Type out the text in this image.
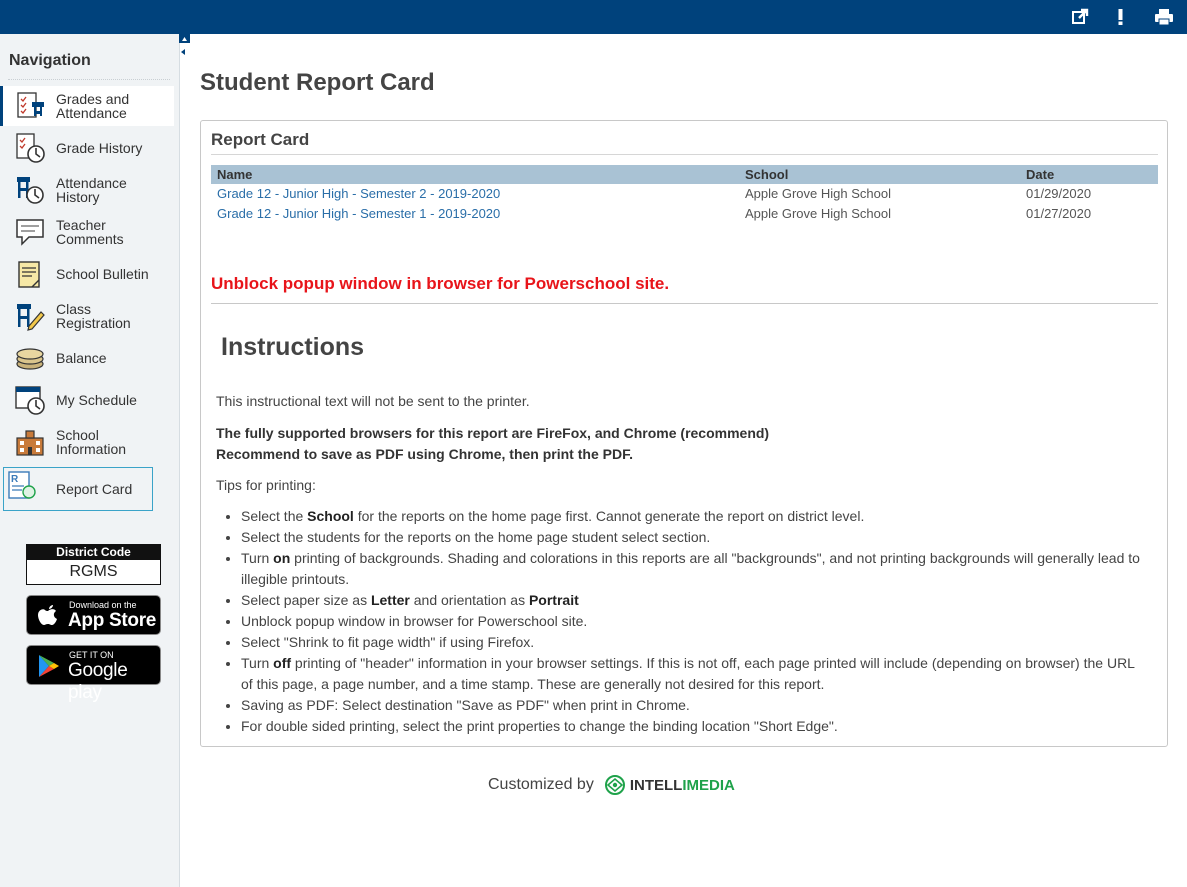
Navigation
Grades and Attendance
Grade History
Attendance History
Teacher Comments
School Bulletin
Class Registration
Balance
My Schedule
School Information
R
Report Card
District Code
RGMS
Download on the
App Store
GET IT ON
Google play
Student Report Card
Report Card
Name	School	Date
Grade 12 - Junior High - Semester 2 - 2019-2020	Apple Grove High School	01/29/2020
Grade 12 - Junior High - Semester 1 - 2019-2020	Apple Grove High School	01/27/2020
Unblock popup window in browser for Powerschool site.
Instructions
This instructional text will not be sent to the printer.
The fully supported browsers for this report are FireFox, and Chrome (recommend)
Recommend to save as PDF using Chrome, then print the PDF.
Tips for printing:
• Select the School for the reports on the home page first. Cannot generate the report on district level.
• Select the students for the reports on the home page student select section.
• Turn on printing of backgrounds. Shading and colorations in this reports are all "backgrounds", and not printing backgrounds will generally lead to illegible printouts.
• Select paper size as Letter and orientation as Portrait
• Unblock popup window in browser for Powerschool site.
• Select "Shrink to fit page width" if using Firefox.
• Turn off printing of "header" information in your browser settings. If this is not off, each page printed will include (depending on browser) the URL of this page, a page number, and a time stamp. These are generally not desired for this report.
• Saving as PDF: Select destination "Save as PDF" when print in Chrome.
• For double sided printing, select the print properties to change the binding location "Short Edge".
Customized by INTELLIMEDIA
